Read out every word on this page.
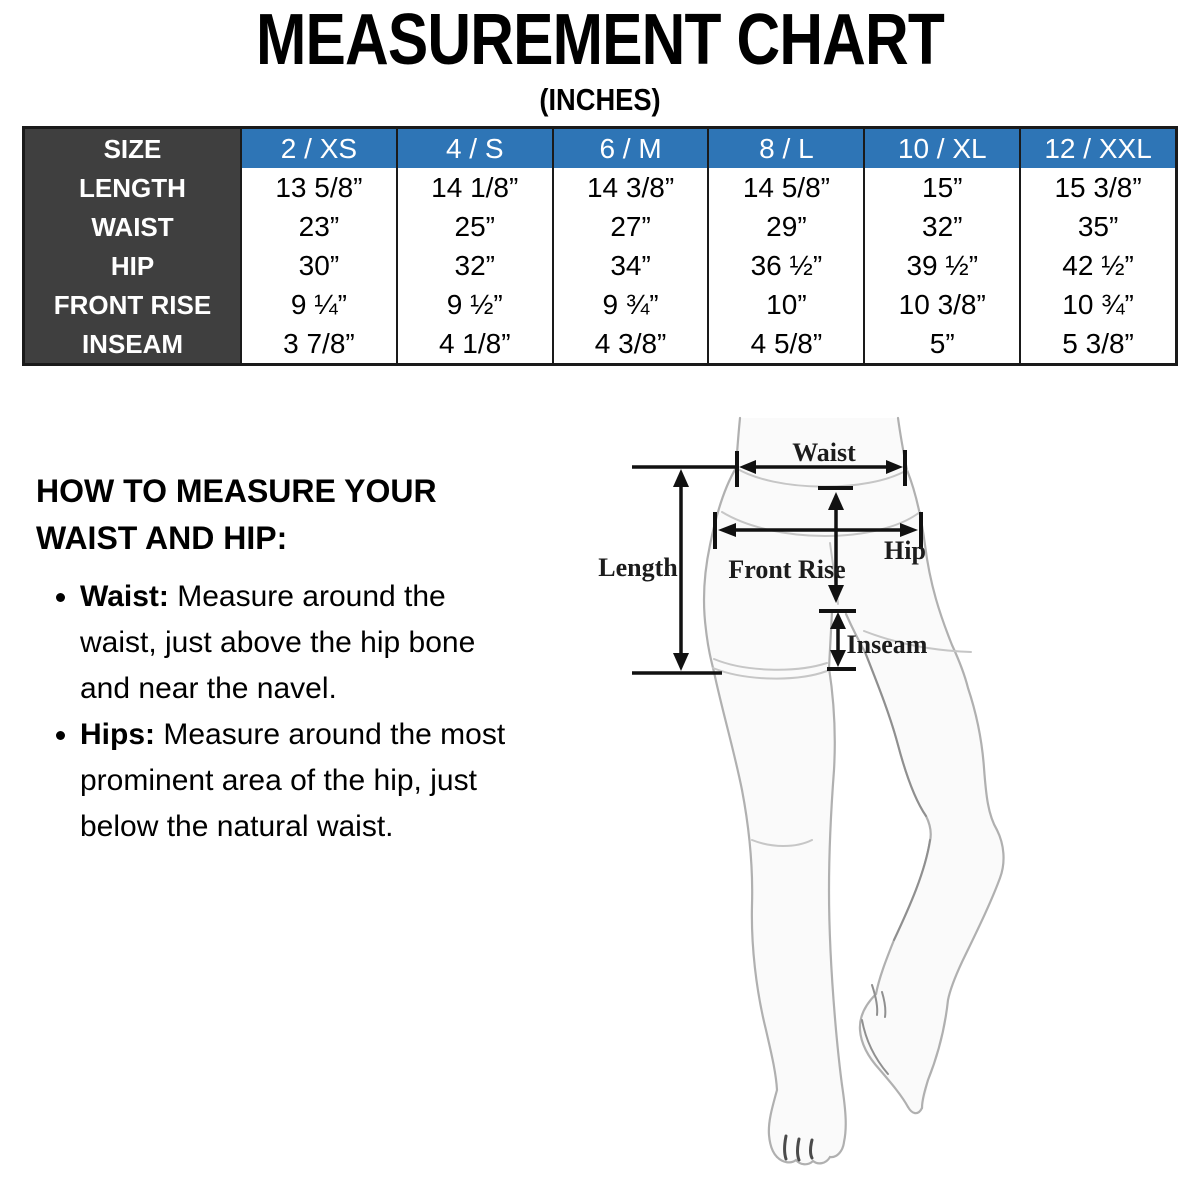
MEASUREMENT CHART
(INCHES)
SIZE	2 / XS	4 / S	6 / M	8 / L	10 / XL	12 / XXL
LENGTH	13 5/8”	14 1/8”	14 3/8”	14 5/8”	15”	15 3/8”
WAIST	23”	25”	27”	29”	32”	35”
HIP	30”	32”	34”	36 ½”	39 ½”	42 ½”
FRONT RISE	9 ¼”	9 ½”	9 ¾”	10”	10 3/8”	10 ¾”
INSEAM	3 7/8”	4 1/8”	4 3/8”	4 5/8”	5”	5 3/8”
HOW TO MEASURE YOUR WAIST AND HIP:
• Waist: Measure around the waist, just above the hip bone and near the navel.
• Hips: Measure around the most prominent area of the hip, just below the natural waist.
Waist
Length
Hip
Front Rise
Inseam
